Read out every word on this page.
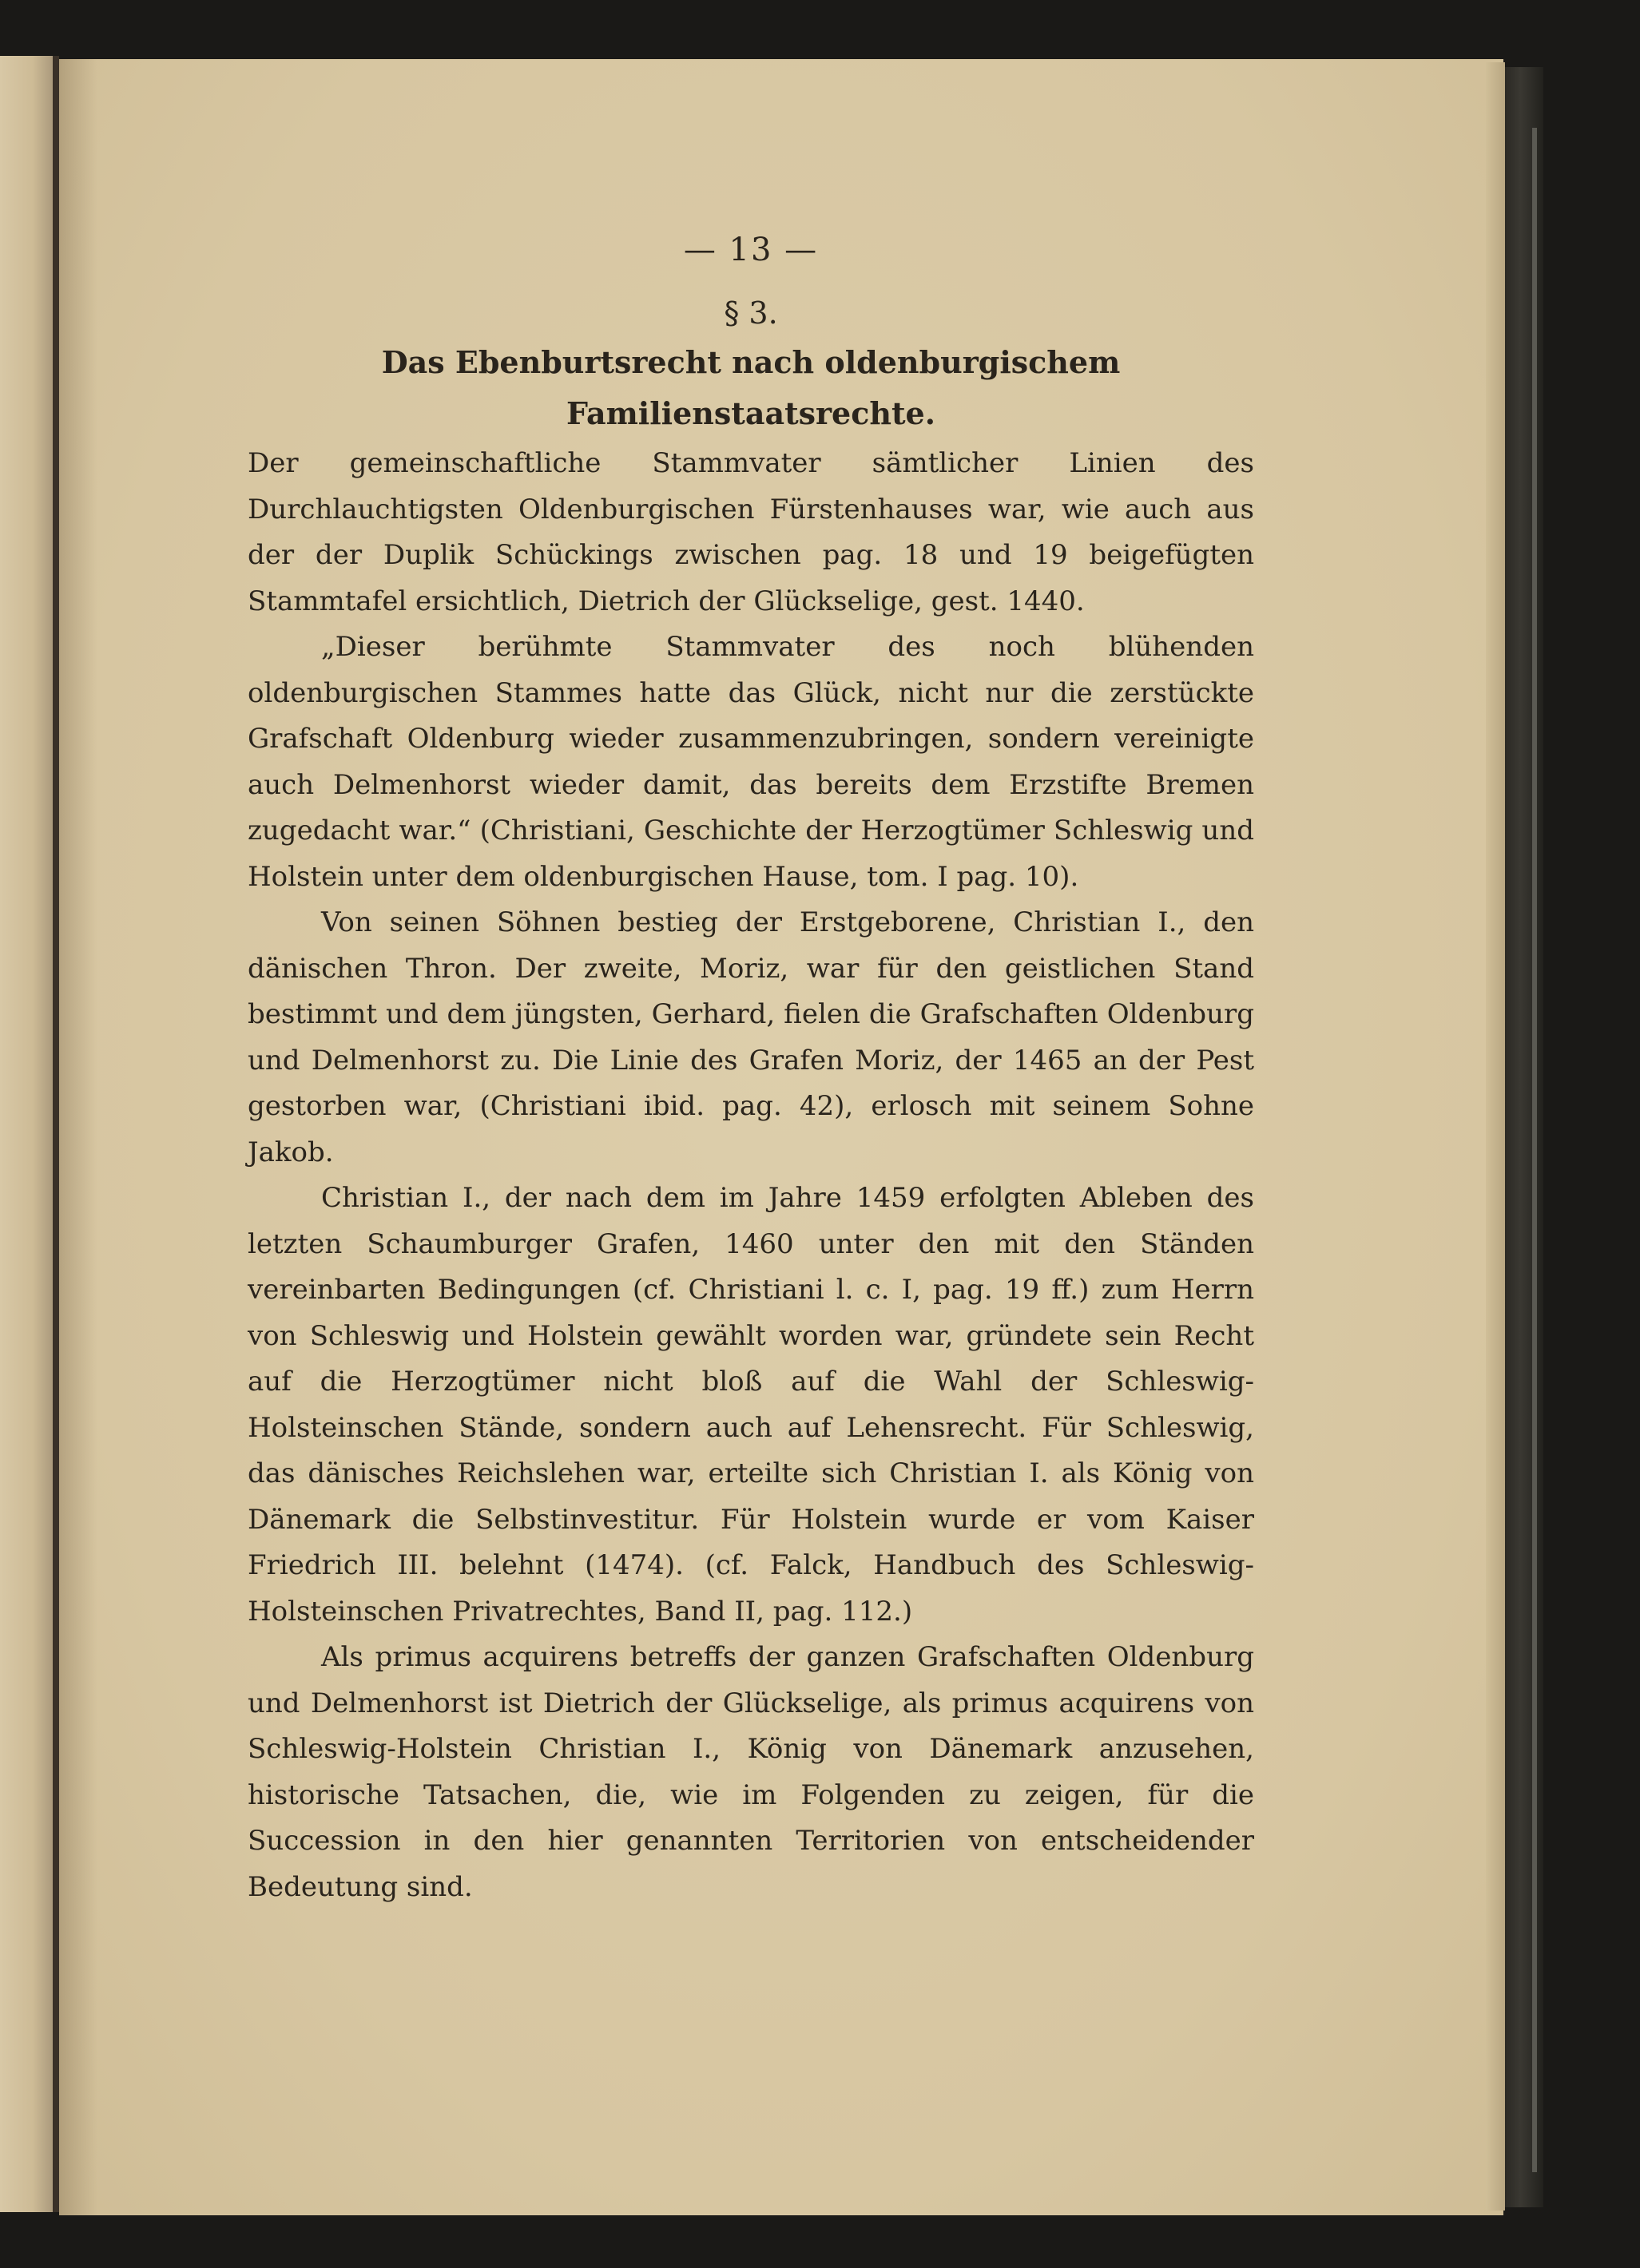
— 13 —
§ 3.
Das Ebenburtsrecht nach oldenburgischem
Familienstaatsrechte.

Der gemeinschaftliche Stammvater sämtlicher Linien des Durchlauchtigsten Oldenburgischen Fürstenhauses war, wie auch aus der der Duplik Schückings zwischen pag. 18 und 19 beigefügten Stammtafel ersichtlich, Dietrich der Glückselige, gest. 1440.

„Dieser berühmte Stammvater des noch blühenden oldenburgischen Stammes hatte das Glück, nicht nur die zerstückte Grafschaft Oldenburg wieder zusammenzubringen, sondern vereinigte auch Delmenhorst wieder damit, das bereits dem Erzstifte Bremen zugedacht war.“ (Christiani, Geschichte der Herzogtümer Schleswig und Holstein unter dem oldenburgischen Hause, tom. I pag. 10).

Von seinen Söhnen bestieg der Erstgeborene, Christian I., den dänischen Thron. Der zweite, Moriz, war für den geistlichen Stand bestimmt und dem jüngsten, Gerhard, fielen die Grafschaften Oldenburg und Delmenhorst zu. Die Linie des Grafen Moriz, der 1465 an der Pest gestorben war, (Christiani ibid. pag. 42), erlosch mit seinem Sohne Jakob.

Christian I., der nach dem im Jahre 1459 erfolgten Ableben des letzten Schaumburger Grafen, 1460 unter den mit den Ständen vereinbarten Bedingungen (cf. Christiani l. c. I, pag. 19 ff.) zum Herrn von Schleswig und Holstein gewählt worden war, gründete sein Recht auf die Herzogtümer nicht bloß auf die Wahl der Schleswig-Holsteinschen Stände, sondern auch auf Lehensrecht. Für Schleswig, das dänisches Reichslehen war, erteilte sich Christian I. als König von Dänemark die Selbstinvestitur. Für Holstein wurde er vom Kaiser Friedrich III. belehnt (1474). (cf. Falck, Handbuch des Schleswig-Holsteinschen Privatrechtes, Band II, pag. 112.)

Als primus acquirens betreffs der ganzen Grafschaften Oldenburg und Delmenhorst ist Dietrich der Glückselige, als primus acquirens von Schleswig-Holstein Christian I., König von Dänemark anzusehen, historische Tatsachen, die, wie im Folgenden zu zeigen, für die Succession in den hier genannten Territorien von entscheidender Bedeutung sind.
